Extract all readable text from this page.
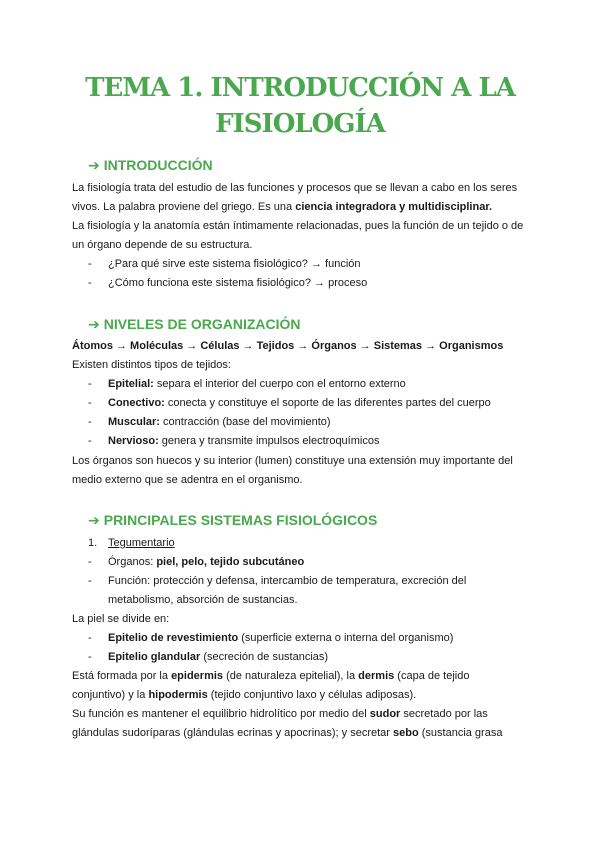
TEMA 1. INTRODUCCIÓN A LA
FISIOLOGÍA
➔ INTRODUCCIÓN
La fisiología trata del estudio de las funciones y procesos que se llevan a cabo en los seres
vivos. La palabra proviene del griego. Es una ciencia integradora y multidisciplinar.
La fisiología y la anatomía están íntimamente relacionadas, pues la función de un tejido o de
un órgano depende de su estructura.
- ¿Para qué sirve este sistema fisiológico? → función
- ¿Cómo funciona este sistema fisiológico? → proceso
➔ NIVELES DE ORGANIZACIÓN
Átomos → Moléculas → Células → Tejidos → Órganos → Sistemas → Organismos
Existen distintos tipos de tejidos:
- Epitelial: separa el interior del cuerpo con el entorno externo
- Conectivo: conecta y constituye el soporte de las diferentes partes del cuerpo
- Muscular: contracción (base del movimiento)
- Nervioso: genera y transmite impulsos electroquímicos
Los órganos son huecos y su interior (lumen) constituye una extensión muy importante del
medio externo que se adentra en el organismo.
➔ PRINCIPALES SISTEMAS FISIOLÓGICOS
1. Tegumentario
- Órganos: piel, pelo, tejido subcutáneo
- Función: protección y defensa, intercambio de temperatura, excreción del
metabolismo, absorción de sustancias.
La piel se divide en:
- Epitelio de revestimiento (superficie externa o interna del organismo)
- Epitelio glandular (secreción de sustancias)
Está formada por la epidermis (de naturaleza epitelial), la dermis (capa de tejido
conjuntivo) y la hipodermis (tejido conjuntivo laxo y células adiposas).
Su función es mantener el equilibrio hidrolítico por medio del sudor secretado por las
glándulas sudoríparas (glándulas ecrinas y apocrinas); y secretar sebo (sustancia grasa
